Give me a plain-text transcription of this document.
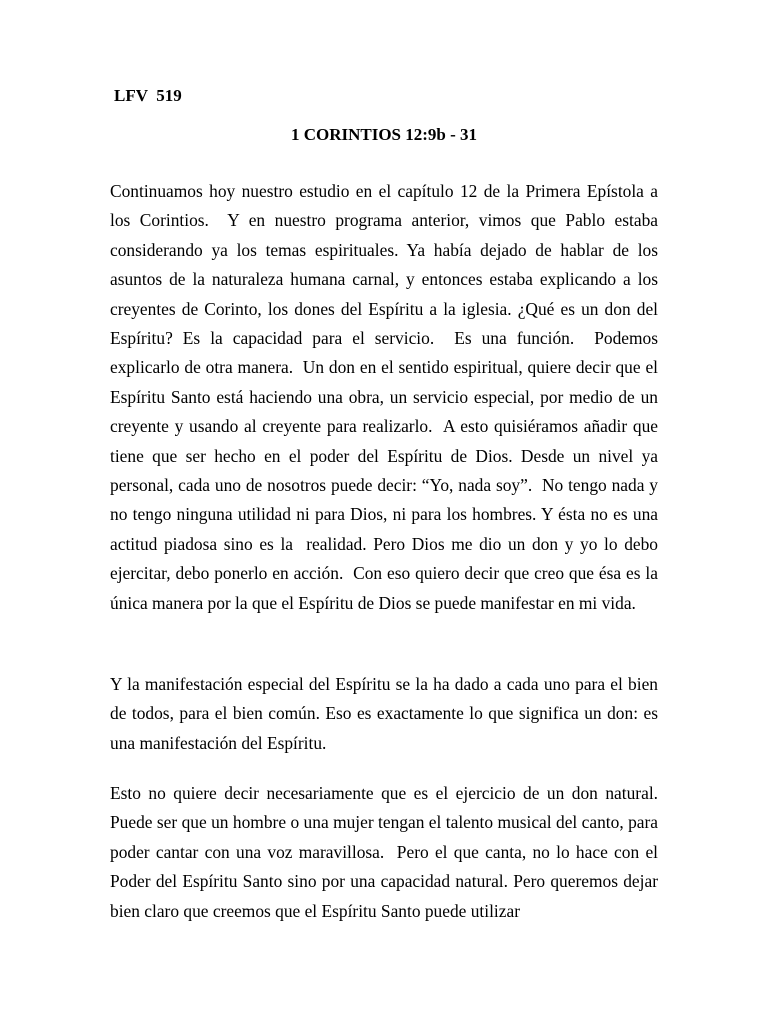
LFV  519

1 CORINTIOS 12:9b - 31

Continuamos hoy nuestro estudio en el capítulo 12 de la Primera Epístola a los Corintios.  Y en nuestro programa anterior, vimos que Pablo estaba considerando ya los temas espirituales. Ya había dejado de hablar de los asuntos de la naturaleza humana carnal, y entonces estaba explicando a los creyentes de Corinto, los dones del Espíritu a la iglesia. ¿Qué es un don del Espíritu? Es la capacidad para el servicio.  Es una función.  Podemos explicarlo de otra manera.  Un don en el sentido espiritual, quiere decir que el Espíritu Santo está haciendo una obra, un servicio especial, por medio de un creyente y usando al creyente para realizarlo.  A esto quisiéramos añadir que tiene que ser hecho en el poder del Espíritu de Dios. Desde un nivel ya personal, cada uno de nosotros puede decir: “Yo, nada soy”.  No tengo nada y no tengo ninguna utilidad ni para Dios, ni para los hombres. Y ésta no es una actitud piadosa sino es la  realidad. Pero Dios me dio un don y yo lo debo ejercitar, debo ponerlo en acción.  Con eso quiero decir que creo que ésa es la única manera por la que el Espíritu de Dios se puede manifestar en mi vida.

Y la manifestación especial del Espíritu se la ha dado a cada uno para el bien de todos, para el bien común. Eso es exactamente lo que significa un don: es una manifestación del Espíritu.

Esto no quiere decir necesariamente que es el ejercicio de un don natural. Puede ser que un hombre o una mujer tengan el talento musical del canto, para poder cantar con una voz maravillosa.  Pero el que canta, no lo hace con el Poder del Espíritu Santo sino por una capacidad natural. Pero queremos dejar bien claro que creemos que el Espíritu Santo puede utilizar
